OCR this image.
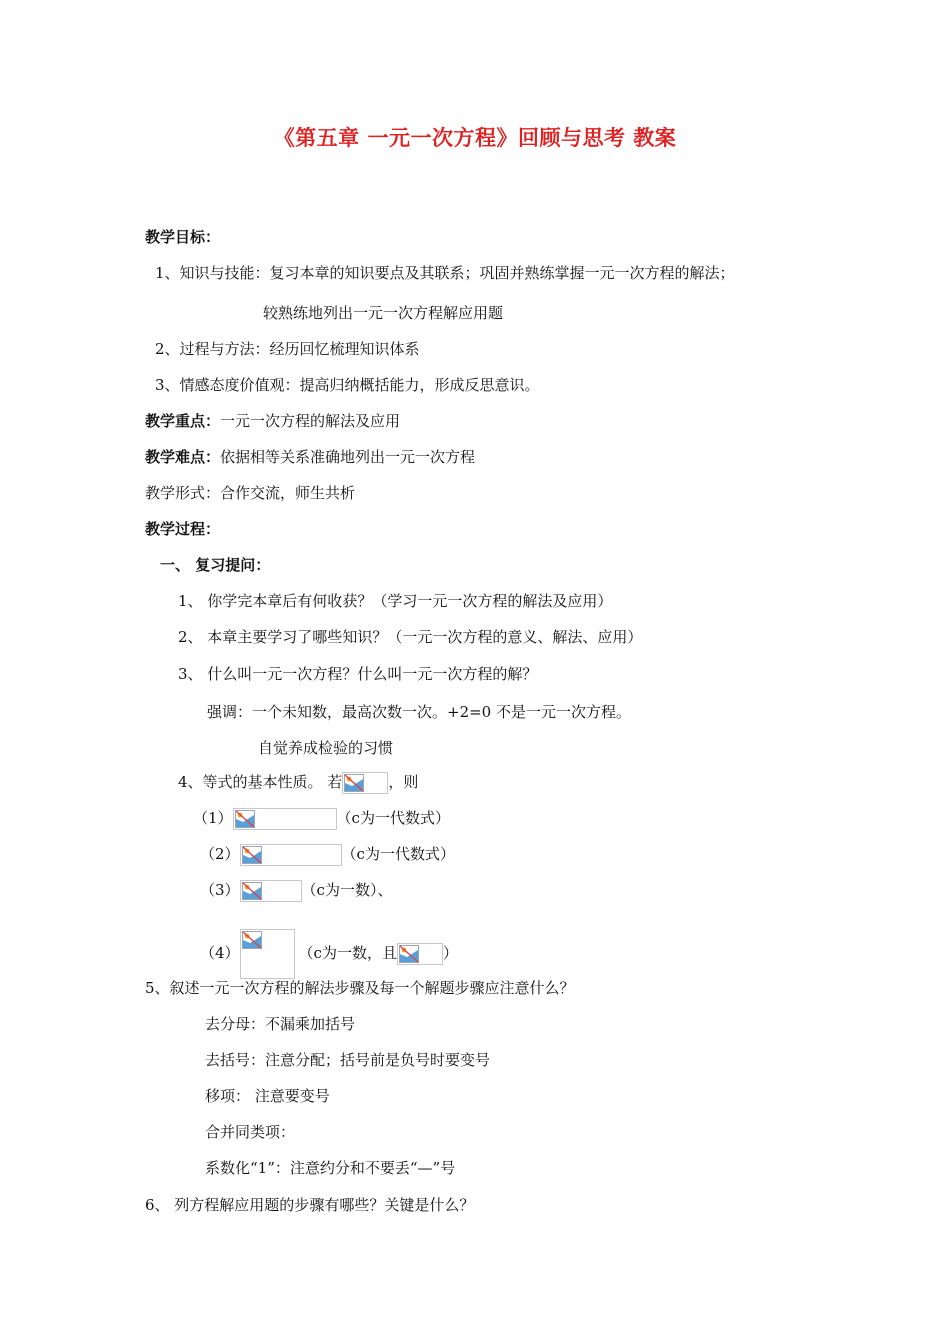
《第五章 一元一次方程》回顾与思考 教案
教学目标：
1、知识与技能：复习本章的知识要点及其联系；巩固并熟练掌握一元一次方程的解法；
较熟练地列出一元一次方程解应用题
2、过程与方法：经历回忆梳理知识体系
3、情感态度价值观：提高归纳概括能力，形成反思意识。
教学重点：一元一次方程的解法及应用
教学难点：依据相等关系准确地列出一元一次方程
教学形式：合作交流，师生共析
教学过程：
一、 复习提问：
1、 你学完本章后有何收获？（学习一元一次方程的解法及应用）
2、 本章主要学习了哪些知识？（一元一次方程的意义、解法、应用）
3、 什么叫一元一次方程？什么叫一元一次方程的解？
强调：一个未知数，最高次数一次。+2=0 不是一元一次方程。
自觉养成检验的习惯
4、等式的基本性质。 若	，则
（1）	（c为一代数式）
（2）	（c为一代数式）
（3）	（c为一数）、
（4）	（c为一数，且	）
5、叙述一元一次方程的解法步骤及每一个解题步骤应注意什么？
去分母：不漏乘加括号
去括号：注意分配；括号前是负号时要变号
移项： 注意要变号
合并同类项：
系数化“1”：注意约分和不要丢“—”号
6、 列方程解应用题的步骤有哪些？关键是什么？
